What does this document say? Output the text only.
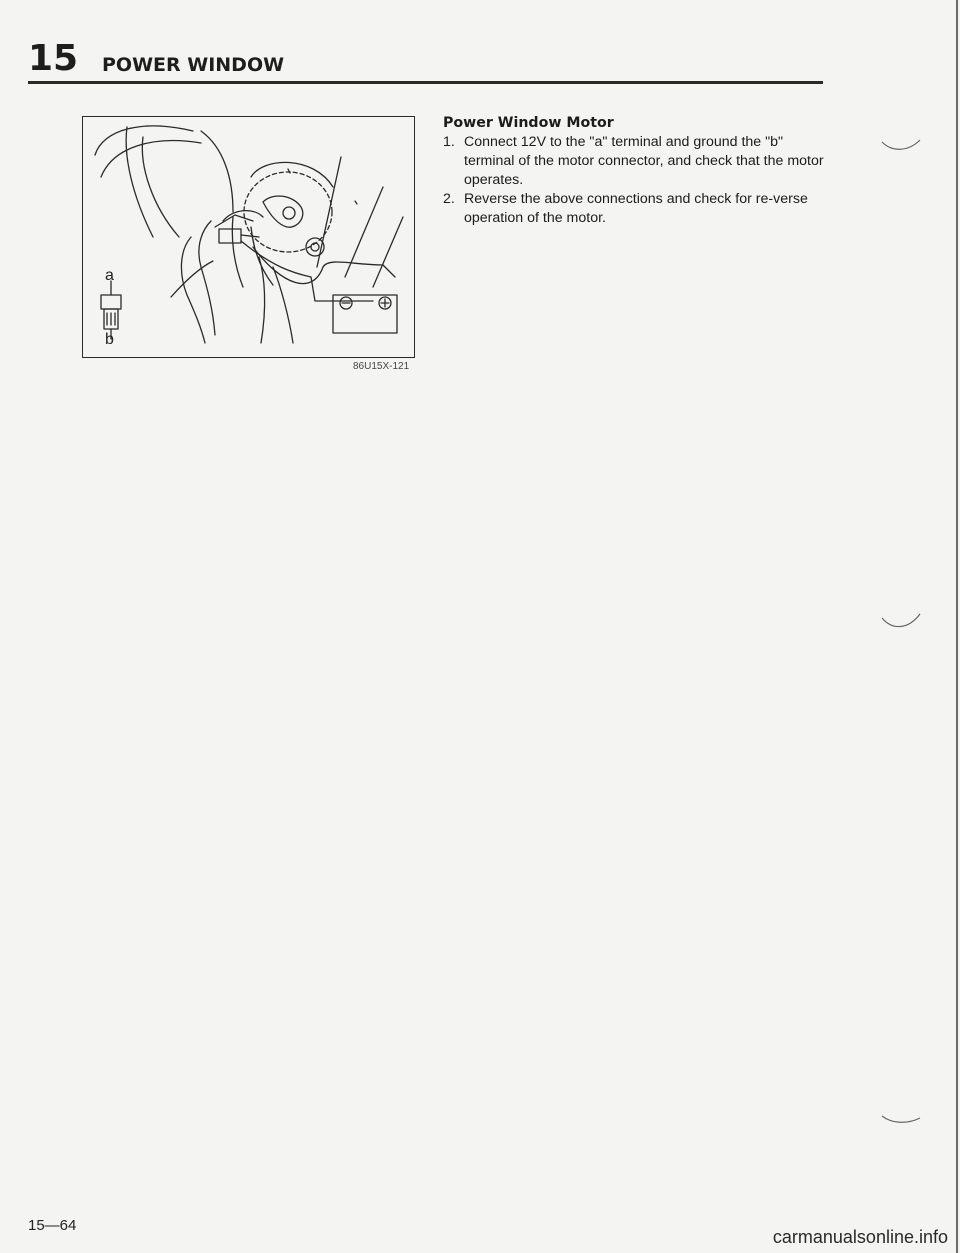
15 POWER WINDOW
a
b
86U15X-121

Power Window Motor

1. Connect 12V to the "a" terminal and ground the "b" terminal of the motor connector, and check that the motor operates.
2. Reverse the above connections and check for re-verse operation of the motor.
15—64
carmanualsonline.info
